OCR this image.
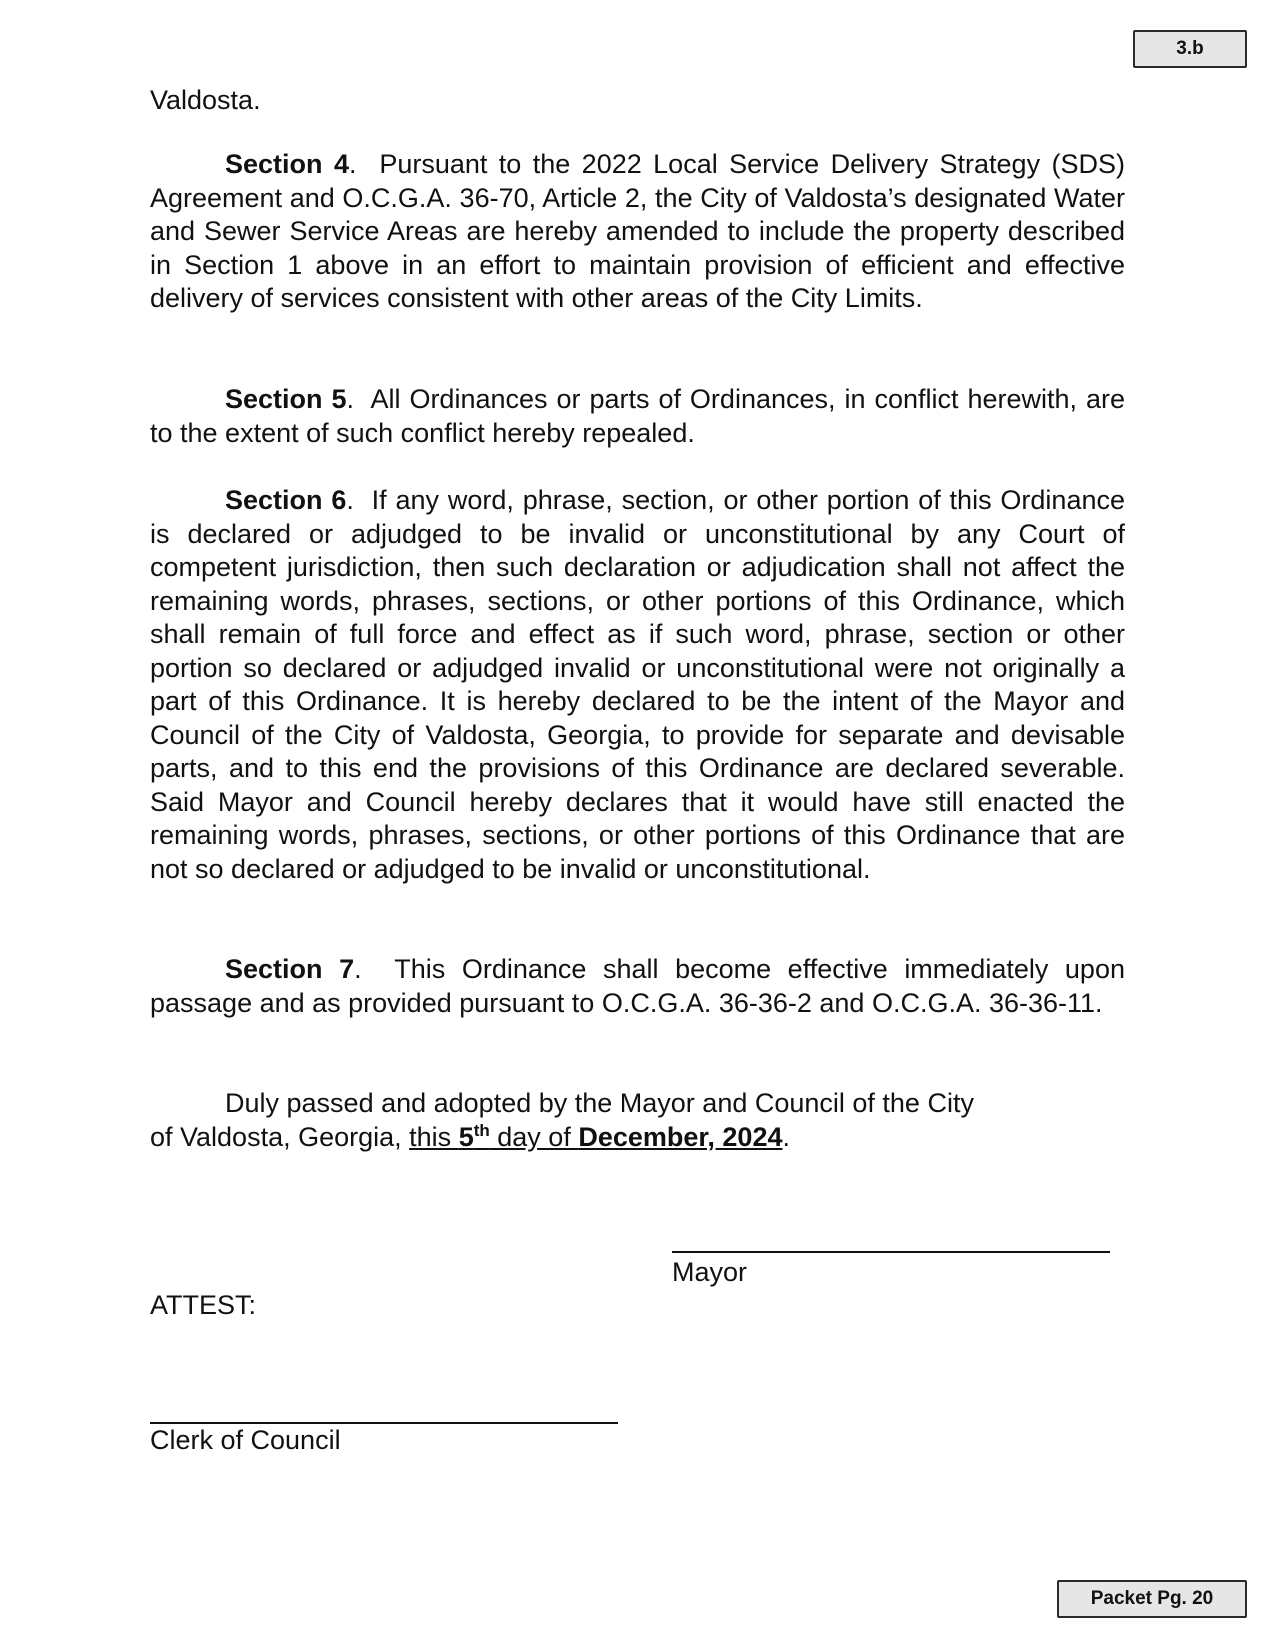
3.b

Valdosta.

Section 4.  Pursuant to the 2022 Local Service Delivery Strategy (SDS) Agreement and O.C.G.A. 36-70, Article 2, the City of Valdosta’s designated Water and Sewer Service Areas are hereby amended to include the property described in Section 1 above in an effort to maintain provision of efficient and effective delivery of services consistent with other areas of the City Limits.

Section 5.  All Ordinances or parts of Ordinances, in conflict herewith, are to the extent of such conflict hereby repealed.

Section 6.  If any word, phrase, section, or other portion of this Ordinance is declared or adjudged to be invalid or unconstitutional by any Court of competent jurisdiction, then such declaration or adjudication shall not affect the remaining words, phrases, sections, or other portions of this Ordinance, which shall remain of full force and effect as if such word, phrase, section or other portion so declared or adjudged invalid or unconstitutional were not originally a part of this Ordinance. It is hereby declared to be the intent of the Mayor and Council of the City of Valdosta, Georgia, to provide for separate and devisable parts, and to this end the provisions of this Ordinance are declared severable. Said Mayor and Council hereby declares that it would have still enacted the remaining words, phrases, sections, or other portions of this Ordinance that are not so declared or adjudged to be invalid or unconstitutional.

Section 7.  This Ordinance shall become effective immediately upon passage and as provided pursuant to O.C.G.A. 36-36-2 and O.C.G.A. 36-36-11.

Duly passed and adopted by the Mayor and Council of the City

of Valdosta, Georgia, this 5th day of December, 2024.

Mayor
ATTEST:
Clerk of Council
Packet Pg. 20
